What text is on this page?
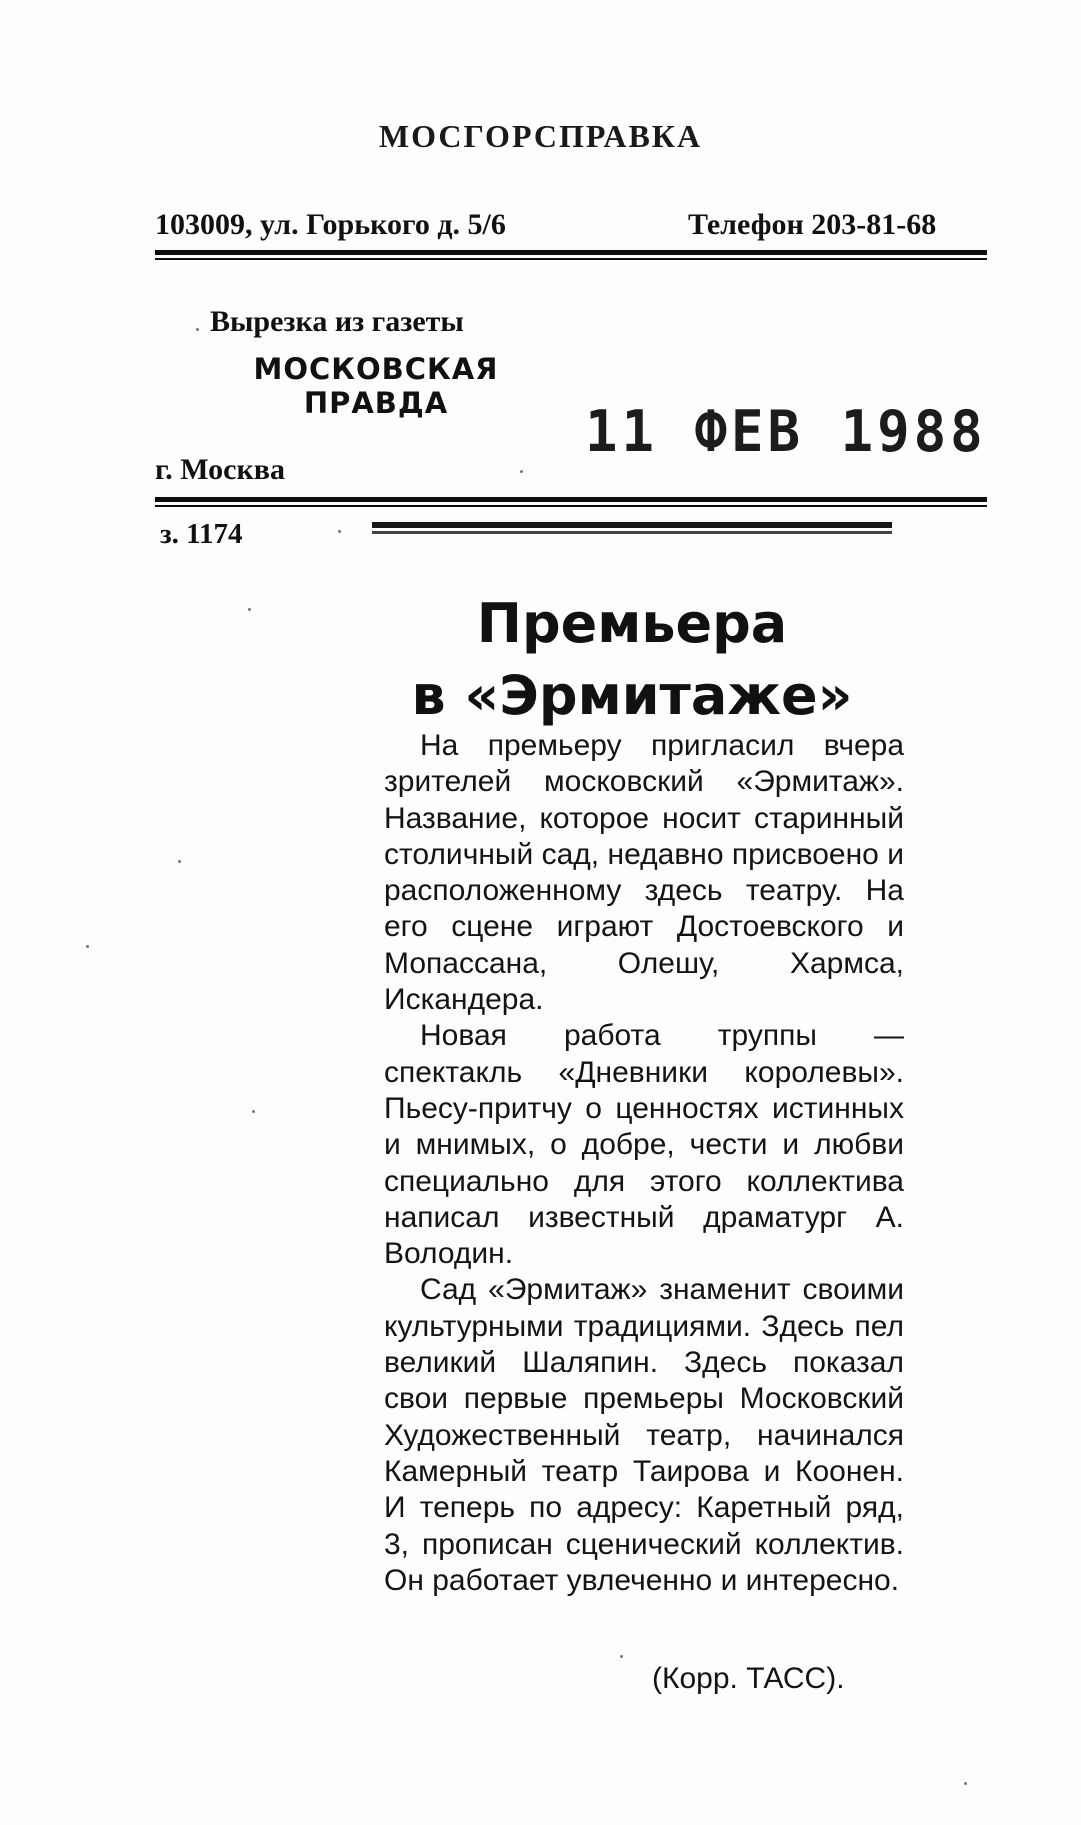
МОСГОРСПРАВКА
103009, ул. Горького д. 5/6	Телефон 203-81-68
Вырезка из газеты
МОСКОВСКАЯ
ПРАВДА	11 ФЕВ 1988
г. Москва
з. 1174
Премьера
в «Эрмитаже»

На премьеру пригласил вчера зрителей московский «Эрмитаж». Название, которое носит старинный столичный сад, недавно присвоено и расположенному здесь театру. На его сцене играют Достоевского и Мопассана, Олешу, Хармса, Искандера.

Новая работа труппы — спектакль «Дневники королевы». Пьесу-притчу о ценностях истинных и мнимых, о добре, чести и любви специально для этого коллектива написал известный драматург А. Володин.

Сад «Эрмитаж» знаменит своими культурными традициями. Здесь пел великий Шаляпин. Здесь показал свои первые премьеры Московский Художественный театр, начинался Камерный театр Таирова и Коонен. И теперь по адресу: Каретный ряд, 3, прописан сценический коллектив. Он работает увлеченно и интересно.

(Корр. ТАСС).
